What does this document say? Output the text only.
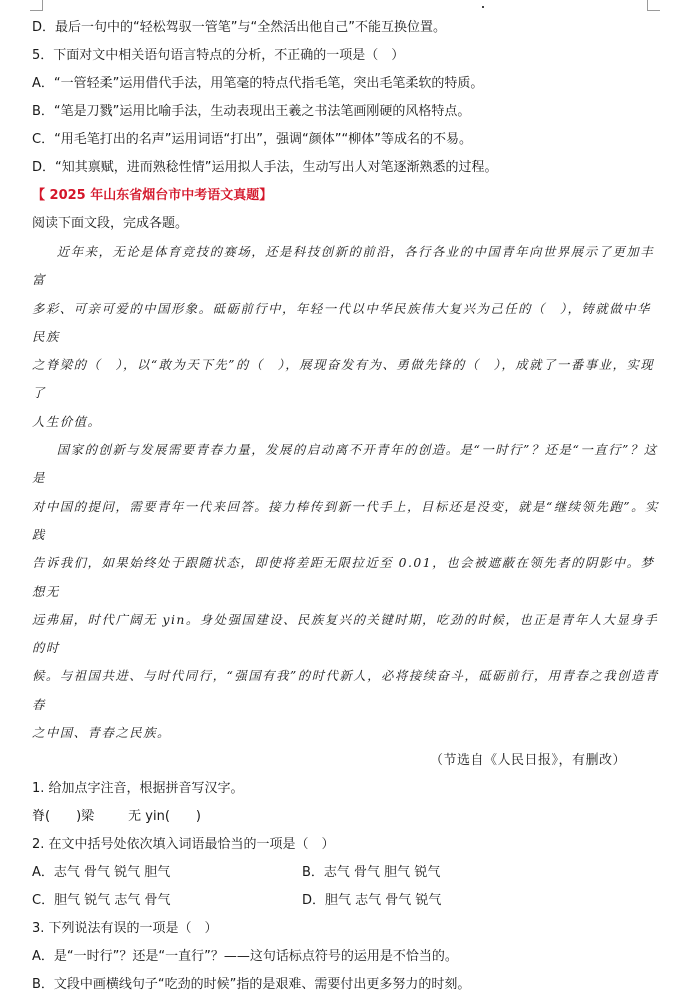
D．最后一句中的“轻松驾驭一管笔”与“全然活出他自己”不能互换位置。
5．下面对文中相关语句语言特点的分析，不正确的一项是（　）
A．“一管轻柔”运用借代手法，用笔毫的特点代指毛笔，突出毛笔柔软的特质。
B．“笔是刀戮”运用比喻手法，生动表现出王羲之书法笔画刚硬的风格特点。
C．“用毛笔打出的名声”运用词语“打出”，强调“颜体”“柳体”等成名的不易。
D．“知其禀赋，进而熟稔性情”运用拟人手法，生动写出人对笔逐渐熟悉的过程。
【 2025 年山东省烟台市中考语文真题】
阅读下面文段，完成各题。
近年来，无论是体育竞技的赛场，还是科技创新的前沿，各行各业的中国青年向世界展示了更加丰富
多彩、可亲可爱的中国形象。砥砺前行中，年轻一代以中华民族伟大复兴为己任的（　），铸就做中华民族
之脊梁的（　），以“敢为天下先”的（　），展现奋发有为、勇做先锋的（　），成就了一番事业，实现了
人生价值。
国家的创新与发展需要青春力量，发展的启动离不开青年的创造。是“一时行”？还是“一直行”？这是
对中国的提问，需要青年一代来回答。接力棒传到新一代手上，目标还是没变，就是“继续领先跑”。实践
告诉我们，如果始终处于跟随状态，即使将差距无限拉近至 0.01，也会被遮蔽在领先者的阴影中。梦想无
远弗届，时代广阔无 yin。身处强国建设、民族复兴的关键时期，吃劲的时候，也正是青年人大显身手的时
候。与祖国共进、与时代同行，“强国有我”的时代新人，必将接续奋斗，砥砺前行，用青春之我创造青春
之中国、青春之民族。
（节选自《人民日报》，有删改）
1. 给加点字注音，根据拼音写汉字。
脊(　　)梁	无 yin(　　)
2. 在文中括号处依次填入词语最恰当的一项是（　）
A．志气 骨气 锐气 胆气	B．志气 骨气 胆气 锐气
C．胆气 锐气 志气 骨气	D．胆气 志气 骨气 锐气
3. 下列说法有误的一项是（　）
A．是“一时行”？还是“一直行”？——这句话标点符号的运用是不恰当的。
B．文段中画横线句子“吃劲的时候”指的是艰难、需要付出更多努力的时刻。
